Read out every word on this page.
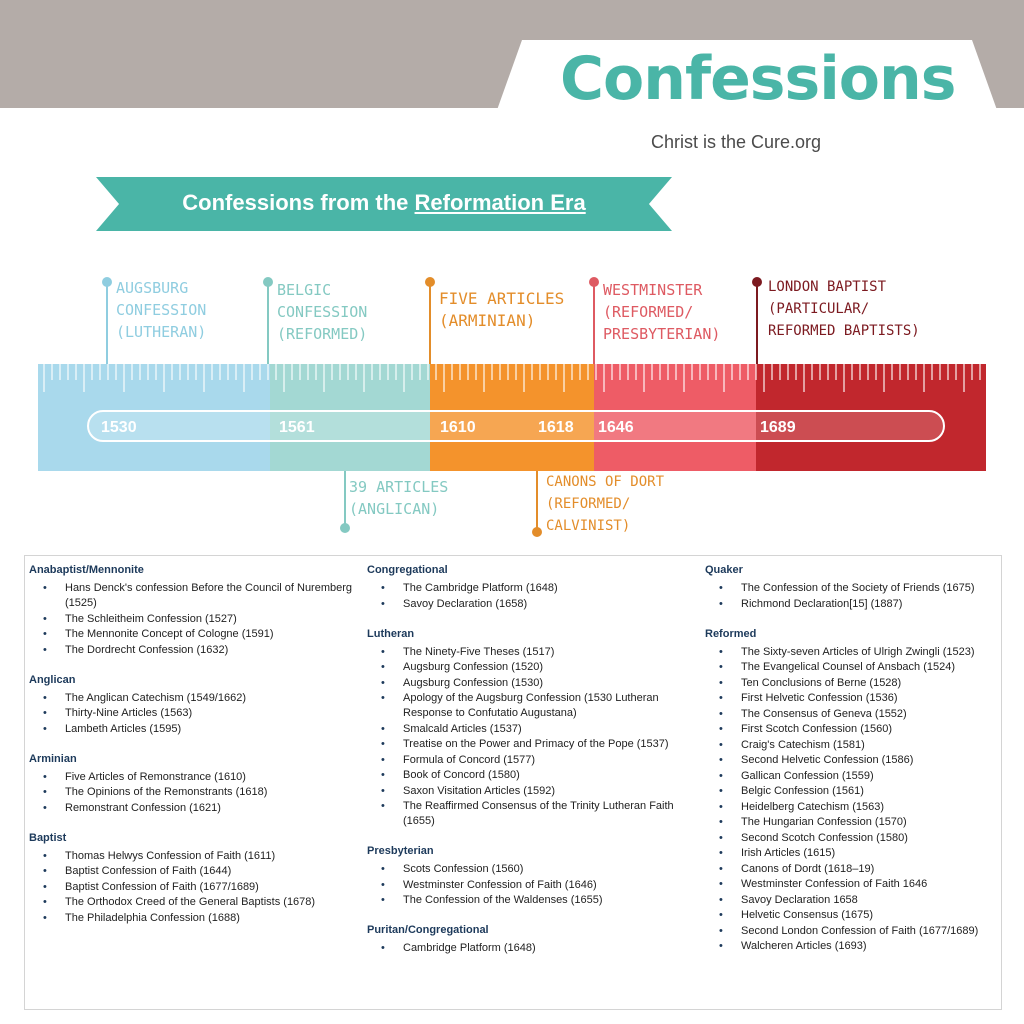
Confessions
Christ is the Cure.org
Confessions from the Reformation Era
1530	1561	1610	1618 1646	1689
AUGSBURG
CONFESSION
(LUTHERAN)
BELGIC
CONFESSION
(REFORMED)
FIVE ARTICLES
(ARMINIAN)
WESTMINSTER
(REFORMED/
PRESBYTERIAN)
LONDON BAPTIST
(PARTICULAR/
REFORMED BAPTISTS)
39 ARTICLES
(ANGLICAN)
CANONS OF DORT
(REFORMED/
CALVINIST)
Anabaptist/Mennonite
• Hans Denck's confession Before the Council of Nuremberg (1525)
• The Schleitheim Confession (1527)
• The Mennonite Concept of Cologne (1591)
• The Dordrecht Confession (1632)
Anglican
• The Anglican Catechism (1549/1662)
• Thirty-Nine Articles (1563)
• Lambeth Articles (1595)
Arminian
• Five Articles of Remonstrance (1610)
• The Opinions of the Remonstrants (1618)
• Remonstrant Confession (1621)
Baptist
• Thomas Helwys Confession of Faith (1611)
• Baptist Confession of Faith (1644)
• Baptist Confession of Faith (1677/1689)
• The Orthodox Creed of the General Baptists (1678)
• The Philadelphia Confession (1688)
Congregational
• The Cambridge Platform (1648)
• Savoy Declaration (1658)
Lutheran
• The Ninety-Five Theses (1517)
• Augsburg Confession (1520)
• Augsburg Confession (1530)
• Apology of the Augsburg Confession (1530 Lutheran Response to Confutatio Augustana)
• Smalcald Articles (1537)
• Treatise on the Power and Primacy of the Pope (1537)
• Formula of Concord (1577)
• Book of Concord (1580)
• Saxon Visitation Articles (1592)
• The Reaffirmed Consensus of the Trinity Lutheran Faith (1655)
Presbyterian
• Scots Confession (1560)
• Westminster Confession of Faith (1646)
• The Confession of the Waldenses (1655)
Puritan/Congregational
• Cambridge Platform (1648)
Quaker
• The Confession of the Society of Friends (1675)
• Richmond Declaration[15] (1887)
Reformed
• The Sixty-seven Articles of Ulrigh Zwingli (1523)
• The Evangelical Counsel of Ansbach (1524)
• Ten Conclusions of Berne (1528)
• First Helvetic Confession (1536)
• The Consensus of Geneva (1552)
• First Scotch Confession (1560)
• Craig's Catechism (1581)
• Second Helvetic Confession (1586)
• Gallican Confession (1559)
• Belgic Confession (1561)
• Heidelberg Catechism (1563)
• The Hungarian Confession (1570)
• Second Scotch Confession (1580)
• Irish Articles (1615)
• Canons of Dordt (1618–19)
• Westminster Confession of Faith 1646
• Savoy Declaration 1658
• Helvetic Consensus (1675)
• Second London Confession of Faith (1677/1689)
• Walcheren Articles (1693)
